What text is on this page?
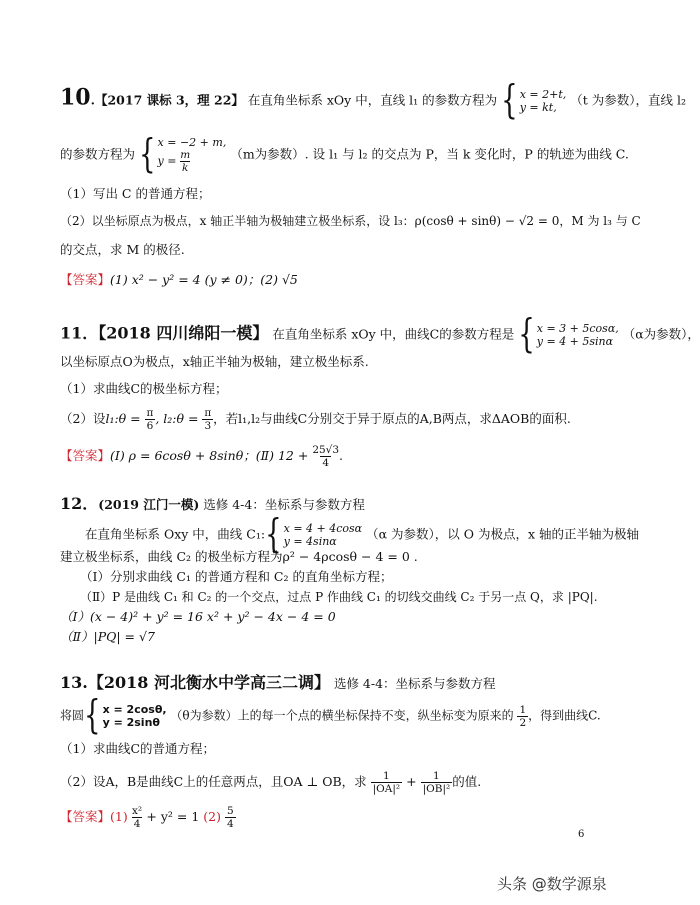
10.【2017 课标 3，理 22】 在直角坐标系 xOy 中，直线 l₁ 的参数方程为 { x = 2+t,
y = kt, （t 为参数），直线 l₂
的参数方程为 { x = −2 + m,
$y = \frac{m}{k}$	（m为参数）. 设 l₁ 与 l₂ 的交点为 P，当 k 变化时，P 的轨迹为曲线 C.
（1）写出 C 的普通方程；
（2）以坐标原点为极点，x 轴正半轴为极轴建立极坐标系，设 l₃：ρ(cosθ + sinθ) − √2 = 0，M 为 l₃ 与 C
的交点，求 M 的极径.
【答案】(1) x² − y² = 4 (y ≠ 0)；(2) √5
11．【2018 四川绵阳一模】 在直角坐标系 xOy 中，曲线C的参数方程是 { x = 3 + 5cosα,
y = 4 + 5sinα （α为参数），
以坐标原点O为极点，x轴正半轴为极轴，建立极坐标系.
（1）求曲线C的极坐标方程；
（2）设l₁:θ = $\frac{\pi}{6}$ , l₂:θ = $\frac{\pi}{3}$ ，若l₁,l₂与曲线C分别交于异于原点的A,B两点，求ΔAOB的面积.
【答案】(Ⅰ) ρ = 6cosθ + 8sinθ；(Ⅱ) $12 + \frac{25√3}{4}$ .
12．(2019 江门一模) 选修 4-4：坐标系与参数方程
在直角坐标系 Oxy 中，曲线 C₁:{ x = 4 + 4cosα
y = 4sinα （α 为参数），以 O 为极点，x 轴的正半轴为极轴
建立极坐标系，曲线 C₂ 的极坐标方程为ρ² − 4ρcosθ − 4 = 0 .
（Ⅰ）分别求曲线 C₁ 的普通方程和 C₂ 的直角坐标方程；
（Ⅱ）P 是曲线 C₁ 和 C₂ 的一个交点，过点 P 作曲线 C₁ 的切线交曲线 C₂ 于另一点 Q，求 |PQ|.
（Ⅰ）(x − 4)² + y² = 16 x² + y² − 4x − 4 = 0
（Ⅱ）|PQ| = √7
13.【2018 河北衡水中学高三二调】 选修 4-4：坐标系与参数方程
将圆{ x = 2cosθ,
y = 2sinθ （θ为参数）上的每一个点的横坐标保持不变，纵坐标变为原来的 $\frac{1}{2}$ ，得到曲线C.
（1）求曲线C的普通方程；
（2）设A，B是曲线C上的任意两点，且OA ⊥ OB，求 $\frac{1}{\text{|OA|²}} + \frac{1}{\text{|OB|²}}$ 的值.
【答案】$(1) \frac{\text{x²}}{4} + y^2 = 1$ $(2) \frac{5}{4}$
6
头条 @数学源泉
